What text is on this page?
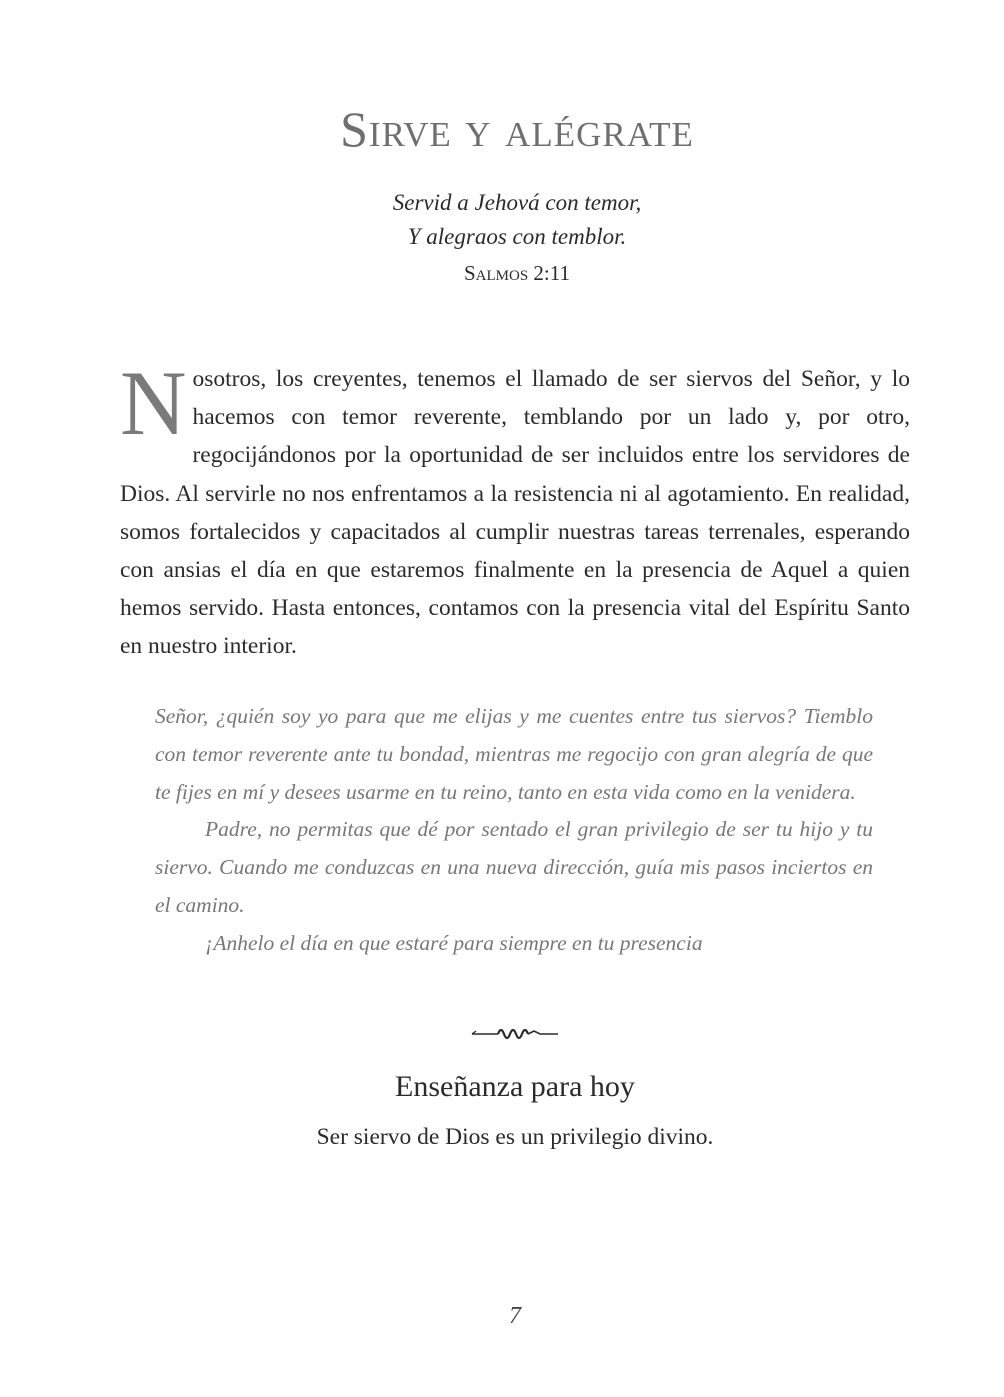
Sirve y alégrate
Servid a Jehová con temor,
Y alegraos con temblor.
Salmos 2:11

Nosotros, los creyentes, tenemos el llamado de ser siervos del Señor, y lo hacemos con temor reverente, temblando por un lado y, por otro, regocijándonos por la oportunidad de ser incluidos entre los servidores de Dios. Al servirle no nos enfrentamos a la resistencia ni al agotamiento. En realidad, somos fortalecidos y capacitados al cumplir nuestras tareas terrenales, esperando con ansias el día en que estaremos finalmente en la presencia de Aquel a quien hemos servido. Hasta entonces, contamos con la presencia vital del Espíritu Santo en nuestro interior.

Señor, ¿quién soy yo para que me elijas y me cuentes entre tus siervos? Tiemblo con temor reverente ante tu bondad, mientras me regocijo con gran alegría de que te fijes en mí y desees usarme en tu reino, tanto en esta vida como en la venidera.

Padre, no permitas que dé por sentado el gran privilegio de ser tu hijo y tu siervo. Cuando me conduzcas en una nueva dirección, guía mis pasos inciertos en el camino.

¡Anhelo el día en que estaré para siempre en tu presencia

Enseñanza para hoy
Ser siervo de Dios es un privilegio divino.
7
